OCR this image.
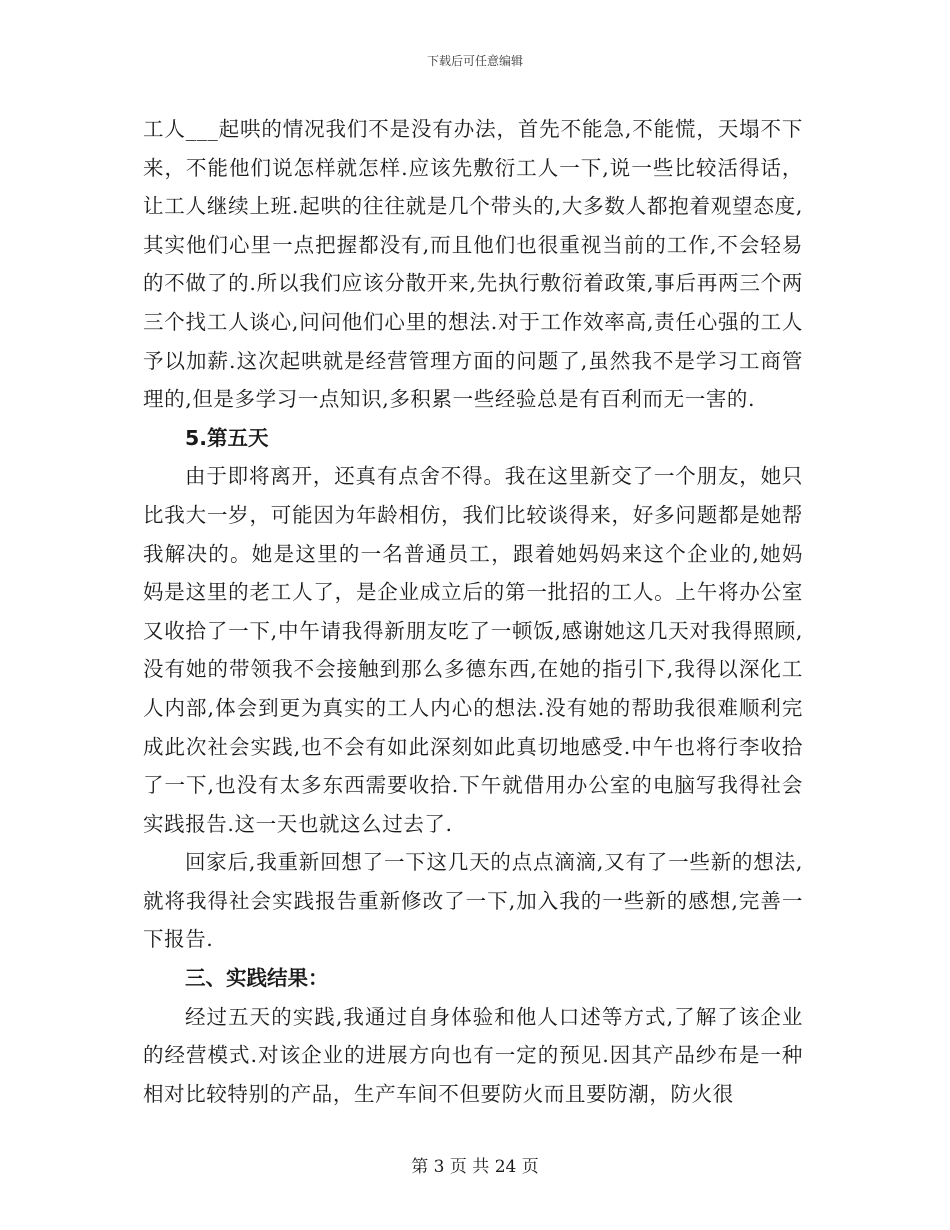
下载后可任意编辑

工人___起哄的情况我们不是没有办法，首先不能急,不能慌，天塌不下来，不能他们说怎样就怎样.应该先敷衍工人一下,说一些比较活得话，让工人继续上班.起哄的往往就是几个带头的,大多数人都抱着观望态度,其实他们心里一点把握都没有,而且他们也很重视当前的工作,不会轻易的不做了的.所以我们应该分散开来,先执行敷衍着政策,事后再两三个两三个找工人谈心,问问他们心里的想法.对于工作效率高,责任心强的工人予以加薪.这次起哄就是经营管理方面的问题了,虽然我不是学习工商管理的,但是多学习一点知识,多积累一些经验总是有百利而无一害的.

5.第五天

由于即将离开，还真有点舍不得。我在这里新交了一个朋友，她只比我大一岁，可能因为年龄相仿，我们比较谈得来，好多问题都是她帮我解决的。她是这里的一名普通员工，跟着她妈妈来这个企业的,她妈妈是这里的老工人了，是企业成立后的第一批招的工人。上午将办公室又收拾了一下,中午请我得新朋友吃了一顿饭,感谢她这几天对我得照顾,没有她的带领我不会接触到那么多德东西,在她的指引下,我得以深化工人内部,体会到更为真实的工人内心的想法.没有她的帮助我很难顺利完成此次社会实践,也不会有如此深刻如此真切地感受.中午也将行李收拾了一下,也没有太多东西需要收拾.下午就借用办公室的电脑写我得社会实践报告.这一天也就这么过去了.

回家后,我重新回想了一下这几天的点点滴滴,又有了一些新的想法,就将我得社会实践报告重新修改了一下,加入我的一些新的感想,完善一下报告.

三、实践结果：

经过五天的实践,我通过自身体验和他人口述等方式,了解了该企业的经营模式.对该企业的进展方向也有一定的预见.因其产品纱布是一种相对比较特别的产品，生产车间不但要防火而且要防潮，防火很

第 3 页 共 24 页
